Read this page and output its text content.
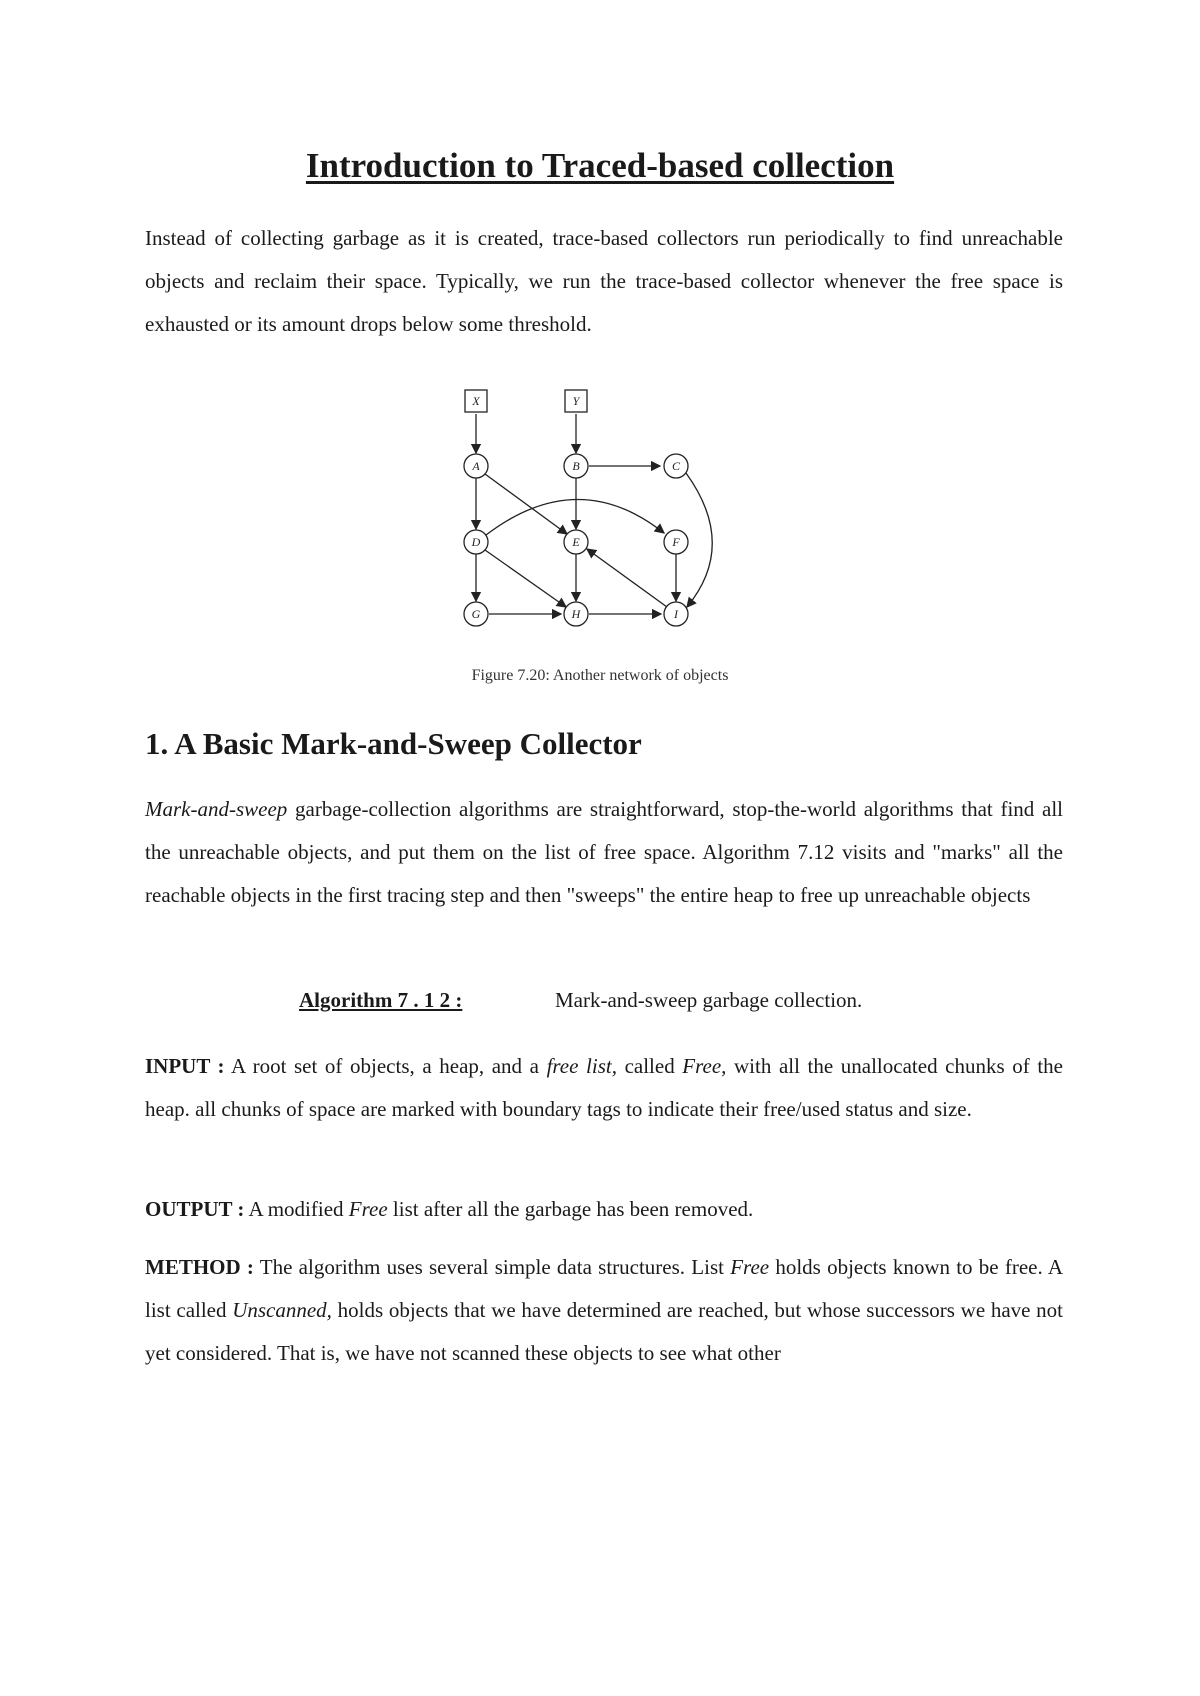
Introduction to Traced-based collection
Instead of collecting garbage as it is created, trace-based collectors run periodically to find unreachable objects and reclaim their space. Typically, we run the trace-based collector whenever the free space is exhausted or its amount drops below some threshold.
X	Y
A	B	C
D	E	F
G	H	I
Figure 7.20: Another network of objects
1. A Basic Mark-and-Sweep Collector
Mark-and-sweep garbage-collection algorithms are straightforward, stop-the-world algorithms that find all the unreachable objects, and put them on the list of free space. Algorithm 7.12 visits and "marks" all the reachable objects in the first tracing step and then "sweeps" the entire heap to free up unreachable objects
Algorithm 7 . 1 2 :	Mark-and-sweep garbage collection.
INPUT : A root set of objects, a heap, and a free list, called Free, with all the unallocated chunks of the heap. all chunks of space are marked with boundary tags to indicate their free/used status and size.
OUTPUT : A modified Free list after all the garbage has been removed.
METHOD : The algorithm uses several simple data structures. List Free holds objects known to be free. A list called Unscanned, holds objects that we have determined are reached, but whose successors we have not yet considered. That is, we have not scanned these objects to see what other
